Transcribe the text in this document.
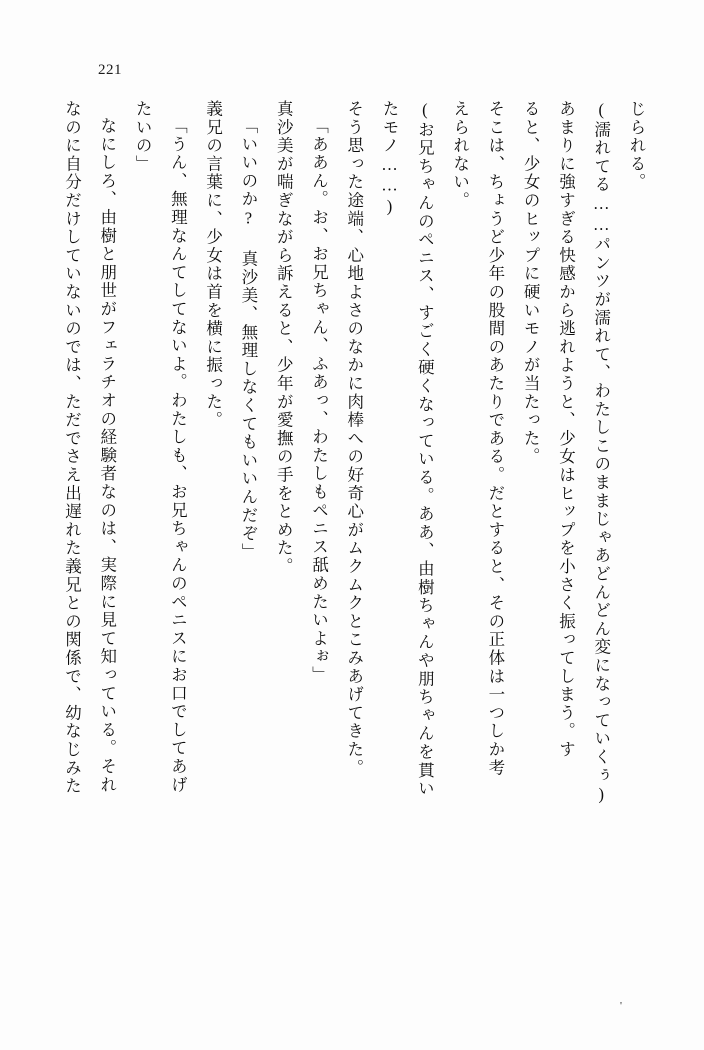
221
じられる。
(濡れてる……パンツが濡れて、わたしこのままじゃあどんどん変になっていくぅ)
あまりに強すぎる快感から逃れようと、少女はヒップを小さく振ってしまう。す
ると、少女のヒップに硬いモノが当たった。
そこは、ちょうど少年の股間のあたりである。だとすると、その正体は一つしか考
えられない。
(お兄ちゃんのペニス、すごく硬くなっている。ああ、由樹ちゃんや朋ちゃんを貫い
たモノ……)
そう思った途端、心地よさのなかに肉棒への好奇心がムクムクとこみあげてきた。
「ああん。お、お兄ちゃん、ふあっ、わたしもペニス舐めたいよぉ」
真沙美が喘ぎながら訴えると、少年が愛撫の手をとめた。
「いいのか? 真沙美、無理しなくてもいいんだぞ」
義兄の言葉に、少女は首を横に振った。
「うん、無理なんてしてないよ。わたしも、お兄ちゃんのペニスにお口でしてあげ
たいの」
なにしろ、由樹と朋世がフェラチオの経験者なのは、実際に見て知っている。それ
なのに自分だけしていないのでは、ただでさえ出遅れた義兄との関係で、幼なじみた
'
